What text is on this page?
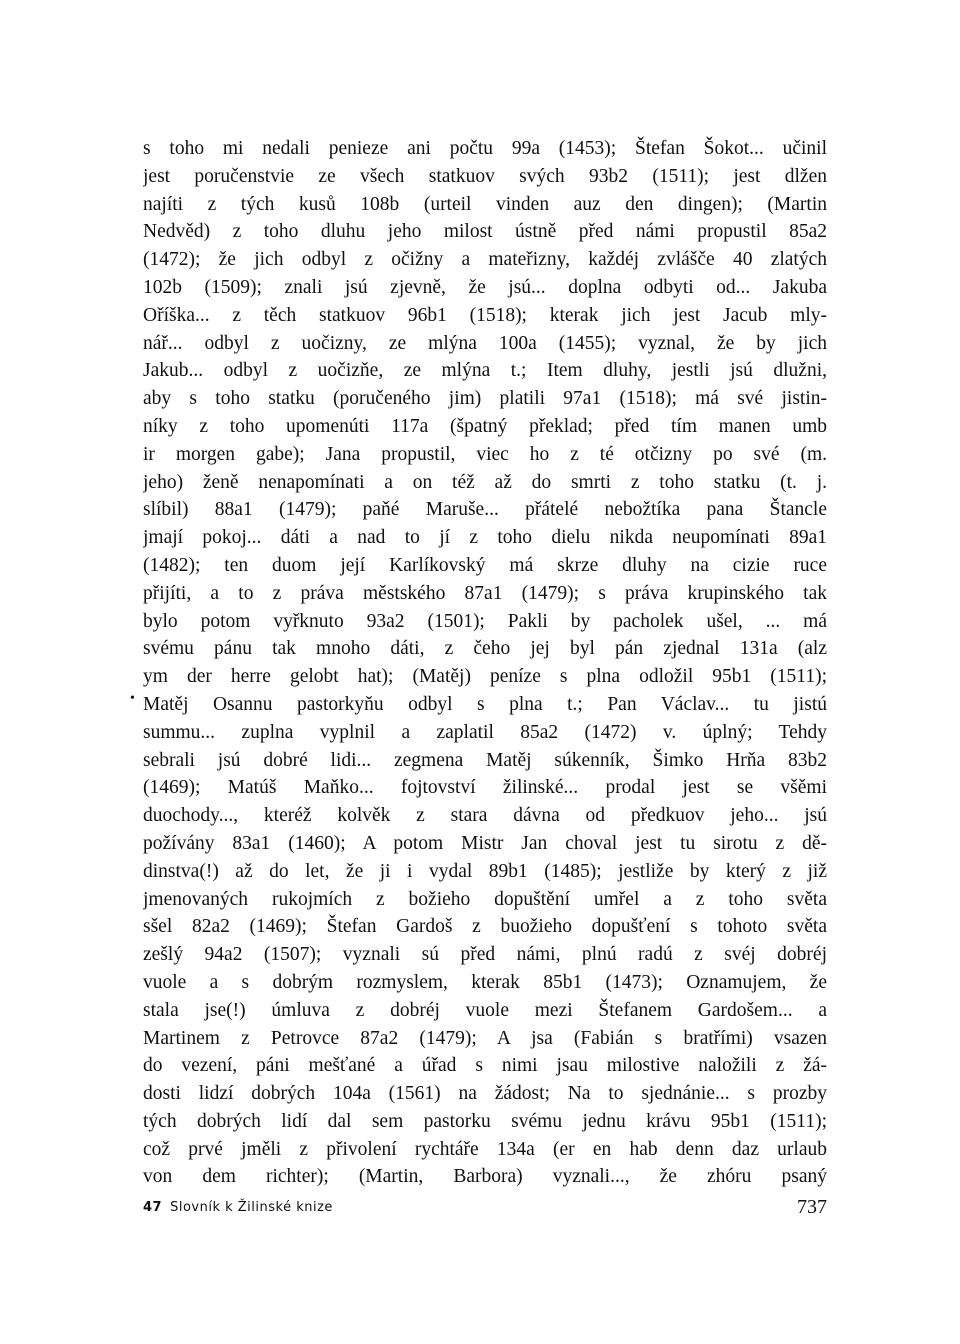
s toho mi nedali penieze ani počtu 99a (1453); Štefan Šokot... učinil
jest poručenstvie ze všech statkuov svých 93b2 (1511); jest dlžen
najíti z tých kusů 108b (urteil vinden auz den dingen); (Martin
Nedvěd) z toho dluhu jeho milost ústně před námi propustil 85a2
(1472); že jich odbyl z očižny a mateřizny, každéj zvláščе 40 zlatých
102b (1509); znali jsú zjevně, že jsú... doplna odbyti od... Jakuba
Oříška... z těch statkuov 96b1 (1518); kterak jich jest Jacub mly-
nář... odbyl z uočizny, ze mlýna 100a (1455); vyznal, že by jich
Jakub... odbyl z uočizňe, ze mlýna t.; Item dluhy, jestli jsú dlužni,
aby s toho statku (poručeného jim) platili 97a1 (1518); má své jistin-
níky z toho upomenúti 117a (špatný překlad; před tím manen umb
ir morgen gabe); Jana propustil, viec ho z té otčizny po své (m.
jeho) ženě nenapomínati a on též až do smrti z toho statku (t. j.
slíbil) 88a1 (1479); paňé Maruše... přátelé nebožtíka pana Štancle
jmají pokoj... dáti a nad to jí z toho dielu nikda neupomínati 89a1
(1482); ten duom její Karlíkovský má skrze dluhy na cizie ruce
přijíti, a to z práva městského 87a1 (1479); s práva krupinského tak
bylo potom vyřknuto 93a2 (1501); Pakli by pacholek ušel, ... má
svému pánu tak mnoho dáti, z čeho jej byl pán zjednal 131a (alz
ym der herre gelobt hat); (Matěj) peníze s plna odložil 95b1 (1511);
• Matěj Osannu pastorkyňu odbyl s plna t.; Pan Václav... tu jistú
summu... zuplna vyplnil a zaplatil 85a2 (1472) v. úplný; Tehdy
sebrali jsú dobré lidi... zegmena Matěj súkenník, Šimko Hrňa 83b2
(1469); Matúš Maňko... fojtovství žilinské... prodal jest se všěmi
duochody..., kteréž kolvěk z stara dávna od předkuov jeho... jsú
požívány 83a1 (1460); A potom Mistr Jan choval jest tu sirotu z dě-
dinstva(!) až do let, že ji i vydal 89b1 (1485); jestliže by který z již
jmenovaných rukojmích z božieho dopuštění umřel a z toho světa
sšel 82a2 (1469); Štefan Gardoš z buožieho dopušťení s tohoto světa
zešlý 94a2 (1507); vyznali sú před námi, plnú radú z svéj dobréj
vuole a s dobrým rozmyslem, kterak 85b1 (1473); Oznamujem, že
stala jse(!) úmluva z dobréj vuole mezi Štefanem Gardošem... a
Martinem z Petrovce 87a2 (1479); A jsa (Fabián s bratřími) vsazen
do vezení, páni mešťané a úřad s nimi jsau milostive naložili z žá-
dosti lidzí dobrých 104a (1561) na žádost; Na to sjednánie... s prozby
tých dobrých lidí dal sem pastorku svému jednu krávu 95b1 (1511);
což prvé jměli z přivolení rychtáře 134a (er en hab denn daz urlaub
von dem richter); (Martin, Barbora) vyznali..., že zhóru psaný
47 Slovník k Žilinské knize	737
